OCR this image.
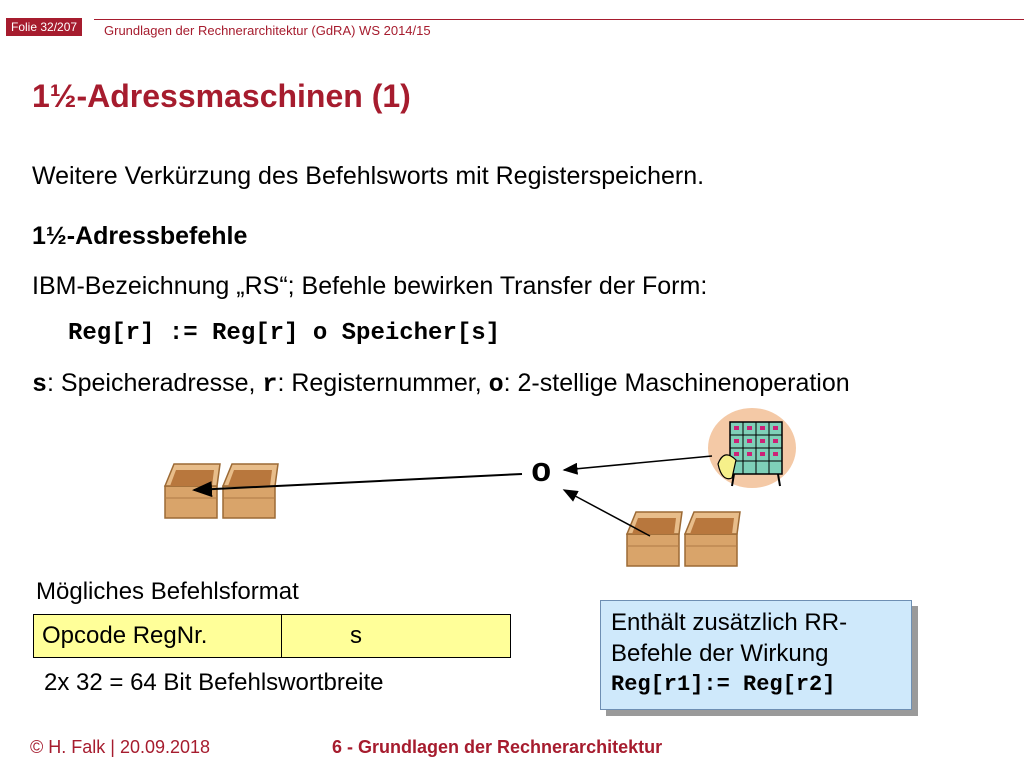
Folie 32/207	Grundlagen der Rechnerarchitektur (GdRA) WS 2014/15
1½-Adressmaschinen (1)
Weitere Verkürzung des Befehlsworts mit Registerspeichern.
1½-Adressbefehle
IBM-Bezeichnung „RS“; Befehle bewirken Transfer der Form:
Reg[r] := Reg[r] o Speicher[s]
s: Speicheradresse, r: Registernummer, o: 2-stellige Maschinenoperation
o
Mögliches Befehlsformat
Opcode RegNr.	s
2x 32 = 64 Bit Befehlswortbreite
Enthält zusätzlich RR-
Befehle der Wirkung
Reg[r1]:= Reg[r2]
© H. Falk | 20.09.2018	6 - Grundlagen der Rechnerarchitektur
